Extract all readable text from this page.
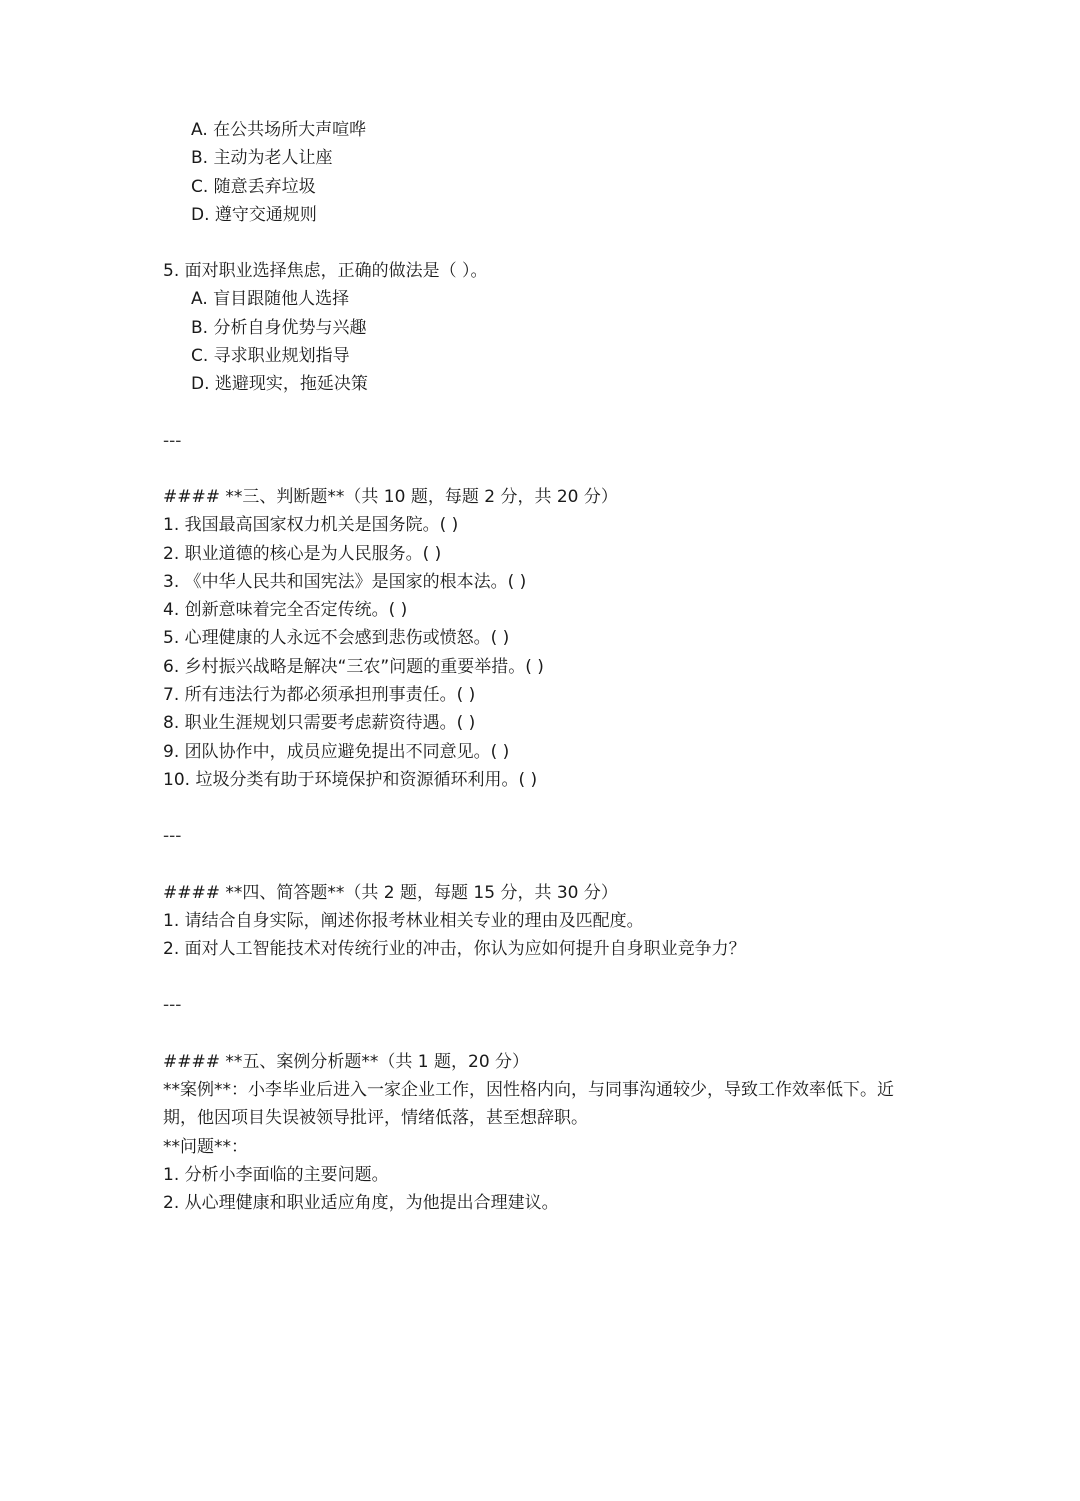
A. 在公共场所大声喧哗
B. 主动为老人让座
C. 随意丢弃垃圾
D. 遵守交通规则
5. 面对职业选择焦虑，正确的做法是（ ）。
A. 盲目跟随他人选择
B. 分析自身优势与兴趣
C. 寻求职业规划指导
D. 逃避现实，拖延决策
---
#### **三、判断题**（共 10 题，每题 2 分，共 20 分）
1. 我国最高国家权力机关是国务院。( )
2. 职业道德的核心是为人民服务。( )
3. 《中华人民共和国宪法》是国家的根本法。( )
4. 创新意味着完全否定传统。( )
5. 心理健康的人永远不会感到悲伤或愤怒。( )
6. 乡村振兴战略是解决“三农”问题的重要举措。( )
7. 所有违法行为都必须承担刑事责任。( )
8. 职业生涯规划只需要考虑薪资待遇。( )
9. 团队协作中，成员应避免提出不同意见。( )
10. 垃圾分类有助于环境保护和资源循环利用。( )
---
#### **四、简答题**（共 2 题，每题 15 分，共 30 分）
1. 请结合自身实际，阐述你报考林业相关专业的理由及匹配度。
2. 面对人工智能技术对传统行业的冲击，你认为应如何提升自身职业竞争力？
---
#### **五、案例分析题**（共 1 题，20 分）
**案例**：小李毕业后进入一家企业工作，因性格内向，与同事沟通较少，导致工作效率低下。近期，他因项目失误被领导批评，情绪低落，甚至想辞职。
**问题**：
1. 分析小李面临的主要问题。
2. 从心理健康和职业适应角度，为他提出合理建议。
